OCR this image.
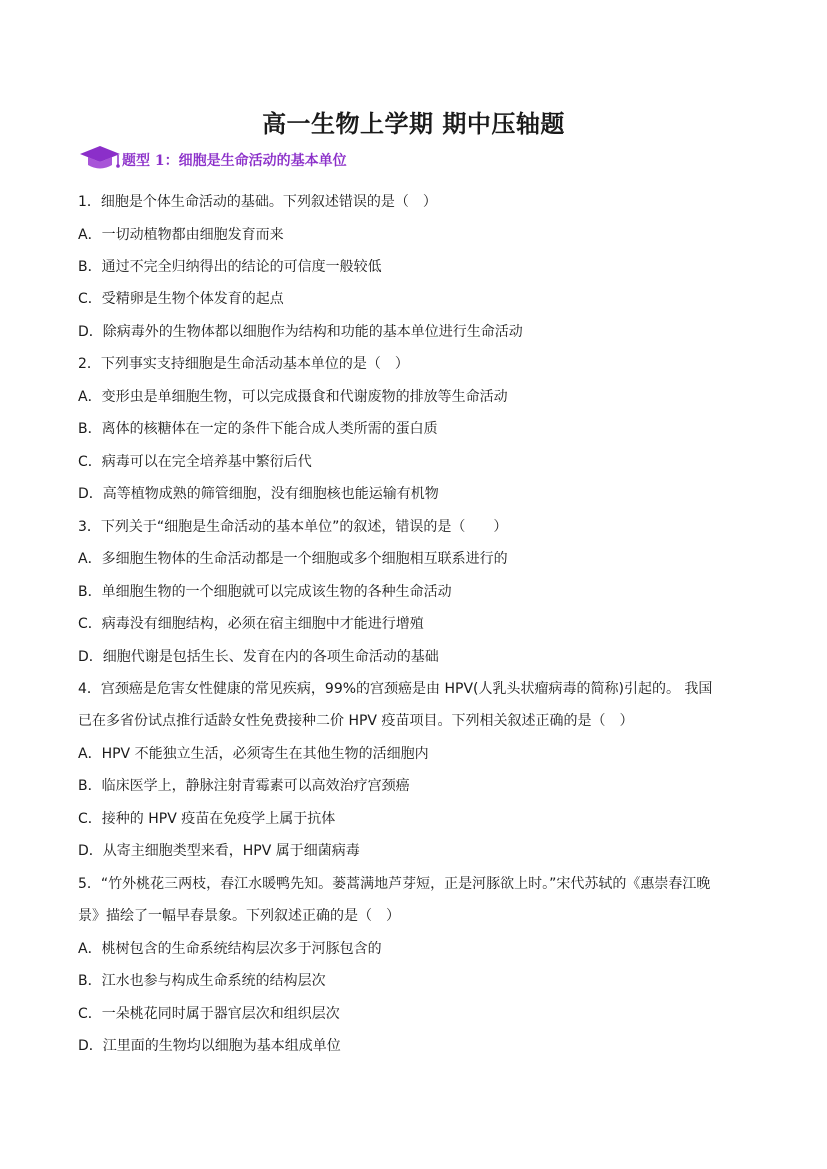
高一生物上学期 期中压轴题
题型 1：细胞是生命活动的基本单位
1．细胞是个体生命活动的基础。下列叙述错误的是（　）
A．一切动植物都由细胞发育而来
B．通过不完全归纳得出的结论的可信度一般较低
C．受精卵是生物个体发育的起点
D．除病毒外的生物体都以细胞作为结构和功能的基本单位进行生命活动
2．下列事实支持细胞是生命活动基本单位的是（　）
A．变形虫是单细胞生物，可以完成摄食和代谢废物的排放等生命活动
B．离体的核糖体在一定的条件下能合成人类所需的蛋白质
C．病毒可以在完全培养基中繁衍后代
D．高等植物成熟的筛管细胞，没有细胞核也能运输有机物
3．下列关于“细胞是生命活动的基本单位”的叙述，错误的是（　　）
A．多细胞生物体的生命活动都是一个细胞或多个细胞相互联系进行的
B．单细胞生物的一个细胞就可以完成该生物的各种生命活动
C．病毒没有细胞结构，必须在宿主细胞中才能进行增殖
D．细胞代谢是包括生长、发育在内的各项生命活动的基础
4．宫颈癌是危害女性健康的常见疾病，99%的宫颈癌是由 HPV(人乳头状瘤病毒的简称)引起的。 我国
已在多省份试点推行适龄女性免费接种二价 HPV 疫苗项目。下列相关叙述正确的是（　）
A．HPV 不能独立生活，必须寄生在其他生物的活细胞内
B．临床医学上，静脉注射青霉素可以高效治疗宫颈癌
C．接种的 HPV 疫苗在免疫学上属于抗体
D．从寄主细胞类型来看，HPV 属于细菌病毒
5．“竹外桃花三两枝，春江水暖鸭先知。蒌蒿满地芦芽短，正是河豚欲上时。”宋代苏轼的《惠崇春江晚
景》描绘了一幅早春景象。下列叙述正确的是（　）
A．桃树包含的生命系统结构层次多于河豚包含的
B．江水也参与构成生命系统的结构层次
C．一朵桃花同时属于器官层次和组织层次
D．江里面的生物均以细胞为基本组成单位
